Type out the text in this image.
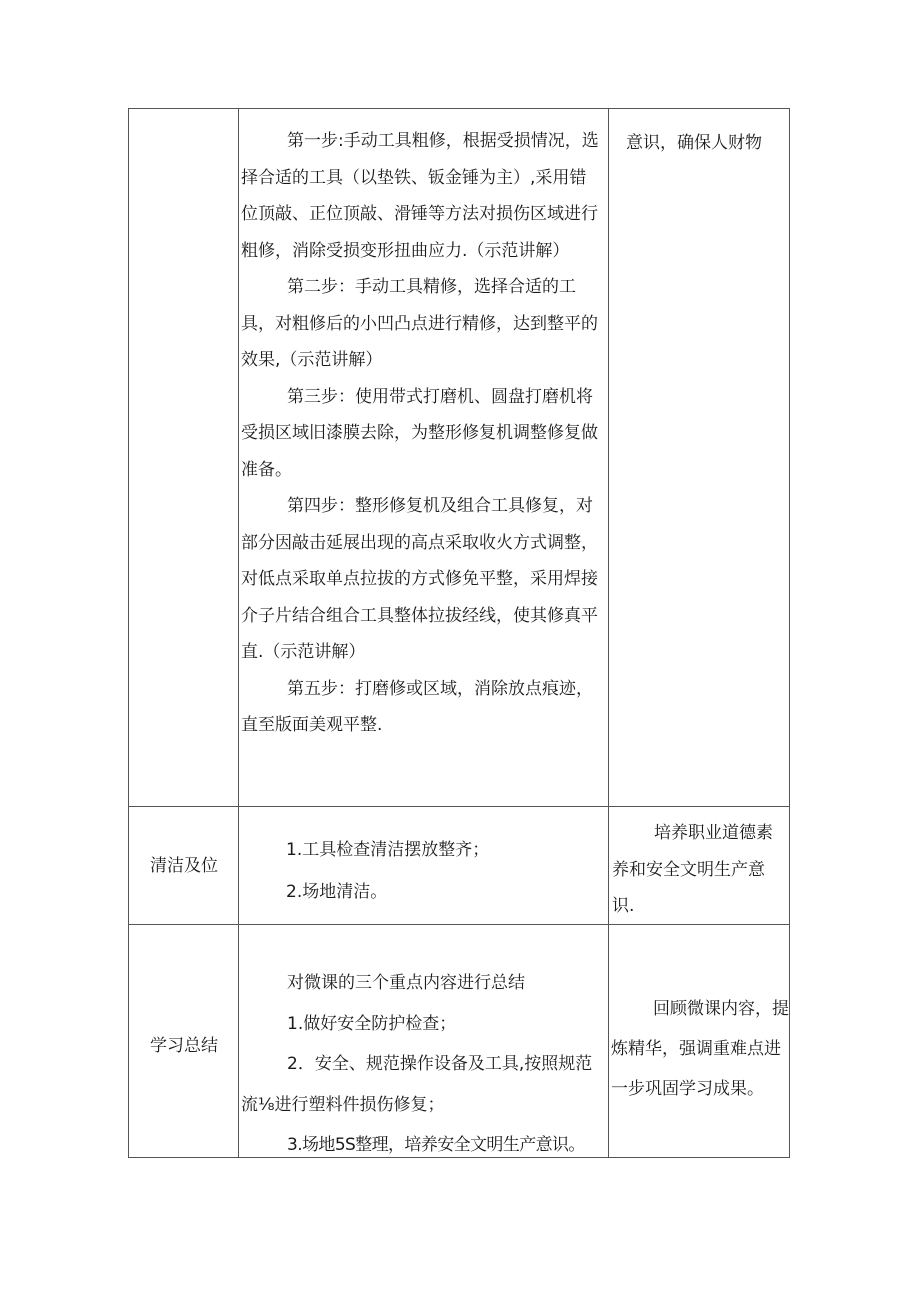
第一步:手动工具粗修，根据受损情况，选择合适的工具（以垫铁、钣金锤为主）,采用错位顶敲、正位顶敲、滑锤等方法对损伤区域进行粗修，消除受损变形扭曲应力.（示范讲解）

第二步：手动工具精修，选择合适的工具，对粗修后的小凹凸点进行精修，达到整平的效果,（示范讲解）

第三步：使用带式打磨机、圆盘打磨机将受损区域旧漆膜去除，为整形修复机调整修复做准备。

第四步：整形修复机及组合工具修复，对部分因敲击延展出现的高点采取收火方式调整，对低点采取单点拉拔的方式修免平整，采用焊接介子片结合组合工具整体拉拔经线，使其修真平直.（示范讲解）

第五步：打磨修或区域，消除放点痕迹，直至版面美观平整.

意识，确保人财物
清洁及位

1.工具检查清洁摆放整齐；

2.场地清洁。

培养职业道德素养和安全文明生产意识.
学习总结

对微课的三个重点内容进行总结

1.做好安全防护检查；

2．安全、规范操作设备及工具,按照规范流⅛进行塑料件损伤修复；

3.场地5S整理，培养安全文明生产意识。

回顾微课内容，提炼精华，强调重难点进一步巩固学习成果。
